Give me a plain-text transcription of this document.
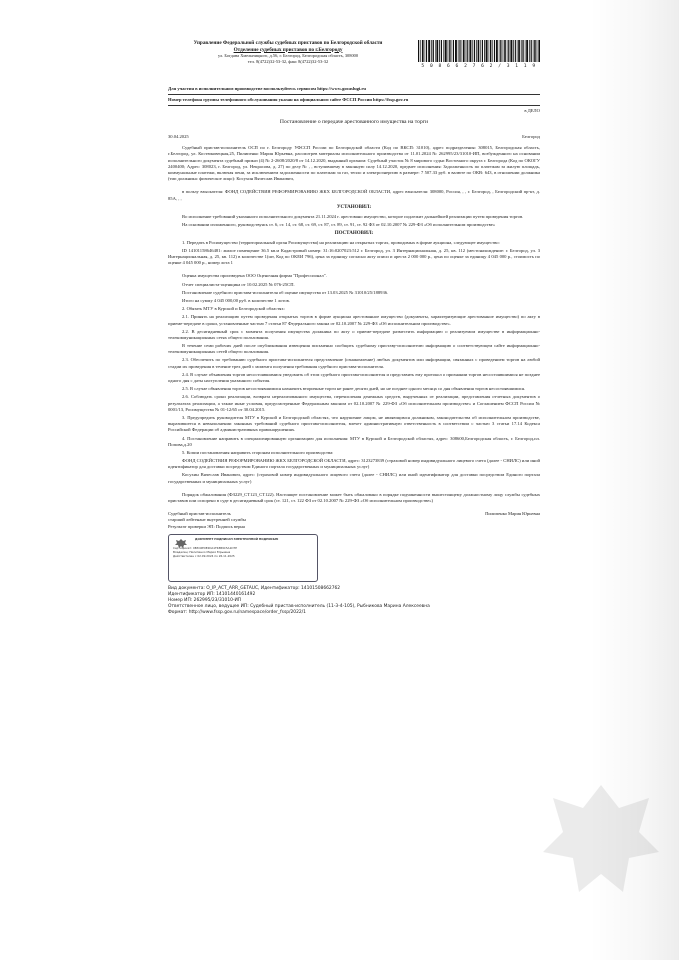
Управление Федеральной службы судебных приставов по Белгородской области
Отделение судебных приставов по г.Белгороду
ул. Богдана Хмельницкого, д.56, г. Белгород, Белгородская область, 308000
тел. 8(4722)32-53-32, факс 8(4722)32-53-32
5 0 8 6 6 2 7 6 2 / 3 1 1 9
Для участия в исполнительном производстве воспользуйтесь сервисом https://www.gosuslugi.ru
Номер телефона группы телефонного обслуживания указан на официальном сайте ФССП России https://fssp.gov.ru
в ДЕЛО
Постановление о передаче арестованного имущества на торги
30.04.2025	Белгород

Судебный пристав-исполнитель ОСП по г. Белгороду УФССП России по Белгородской области (Код по ВКСП: 31010), адрес подразделения: 308015, Белгородская область, г.Белгород, ул. Костюковецкая,25, Пилипенко Мария Юрьевна, рассмотрев материалы исполнительного производства от 11.01.2024 № 262995/23/31010-ИП, возбужденного на основании исполнительного документа судебный приказ (4) № 2-2608/2020/8 от 14.12.2020, выданный органом: Судебный участок № 8 мирового судьи Восточного округа г. Белгорода (Код по ОКОГУ 2400400; Адрес: 308023, г. Белгород, ул. Некрасова, д. 27) по делу № , , вступившему в законную силу 14.12.2020, предмет исполнения: Задолженность по платежам за жилую площадь, коммунальные платежи, включая пени, за исключением задолженности по платежам за газ, тепло и электроэнергию в размере: 7 507.33 руб. в валюте по ОКВ: 643, в отношении должника (тип должника: физическое лицо): Косухин Вячеслав Иванович,

в пользу взыскателя: ФОНД СОДЕЙСТВИЯ РЕФОРМИРОВАНИЮ ЖКХ БЕЛГОРОДСКОЙ ОБЛАСТИ, адрес взыскателя: 308000, Россия, , , г. Белгород, , Белгородский пр-кт, д. 85А, , ,

УСТАНОВИЛ:

Во исполнение требований указанного исполнительного документа 21.11.2024 г. арестовано имущество, которое подлежит дальнейшей реализации путем проведения торгов.

На основании изложенного, руководствуясь ст. 6, ст. 14, ст. 68, ст. 69, ст. 87, ст. 89, ст. 91, ст. 92 ФЗ от 02.10.2007 № 229-ФЗ «Об исполнительном производстве»

ПОСТАНОВИЛ:

1. Передать в Росимущество (территориальный орган Росимущества) на реализацию на открытых торгах, проводимых в форме аукциона, следующее имущество:

ID 14101158646481: жилое помещение 36.5 кв.м Кадастровый номер: 31:16:0207023:512 г. Белгород, ул. 3 Интернациональная, д. 25, кв. 112 (местонахождение: г. Белгород, ул. 3 Интернациональная, д. 25, кв. 112) в количестве 1(шт, Код по ОКЕИ 796), цена за единицу согласно акту описи и ареста 2 000 000 р., цена по оценке за единицу 4 045 000 р., стоимость по оценке 4 045 000 р., номер лота 1

Оценка имущества произведена ООО Оценочная фирма "Профессионал".

Отчет специалиста-оценщика от 10.02.2025 № 076-25СП.

Постановление судебного пристава-исполнителя об оценке имущества от 13.03.2025 № 31010/25/188936.

Итого на сумму 4 045 000,00 руб. в количестве 1 лотов.

2. Обязать МТУ в Курской и Белгородской областях:

2.1. Принять на реализацию путем проведения открытых торгов в форме аукциона арестованное имущество (документы, характеризующие арестованное имущество) по акту в приеме-передаче в сроки, установленные частью 7 статьи 87 Федерального закона от 02.10.2007 № 229-ФЗ «Об исполнительном производстве».

2.2. В десятидневный срок с момента получения имущества должника по акту о приеме-передаче разместить информацию о реализуемом имуществе в информационно-телекоммуникационных сетях общего пользования.

В течение семи рабочих дней после опубликования извещения письменно сообщить судебному приставу-исполнителю информацию о соответствующем сайте информационно-телекоммуникационных сетей общего пользования.

2.3. Обеспечить по требованию судебного пристава-исполнителя представление (ознакомление) любых документов или информации, связанных с проведением торгов на любой стадии их проведения в течение трех дней с момента получения требования судебного пристава-исполнителя.

2.4. В случае объявления торгов несостоявшимися уведомить об этом судебного пристава-исполнителя и представить ему протокол о признании торгов несостоявшимися не позднее одного дня с даты наступления указанного события.

2.5. В случае объявления торгов несостоявшимися назначить вторичные торги не ранее десяти дней, но не позднее одного месяца со дня объявления торгов несостоявшимися.

2.6. Соблюдать сроки реализации, возврата нереализованного имущества, перечисления денежных средств, вырученных от реализации, представления отчетных документов о результатах реализации, а также иные условия, предусмотренные Федеральным законом от 02.10.2007 № 229-ФЗ «Об исполнительном производстве» и Соглашением ФССП России № 0001/13, Росимущества № 01-12/65 от 30.04.2015.

3. Предупредить руководителя МТУ в Курской и Белгородской областях, что нарушение лицом, не являющимся должником, законодательства об исполнительном производстве, выразившееся в невыполнении законных требований судебного пристава-исполнителя, влечет административную ответственность в соответствии с частью 3 статьи 17.14 Кодекса Российской Федерации об административных правонарушениях.

4. Постановление направить в специализированную организацию для исполнения: МТУ в Курской и Белгородской областях, адрес: 308600,Белгородская область, г. Белгород,пл. Попова,д.20

5. Копии постановления направить сторонам исполнительного производства:

ФОНД СОДЕЙСТВИЯ РЕФОРМИРОВАНИЮ ЖКХ БЕЛГОРОДСКОЙ ОБЛАСТИ, адрес: 3123273839 (страховой номер индивидуального лицевого счета (далее - СНИЛС) или иной идентификатор для доставки посредством Единого портала государственных и муниципальных услуг)

Косухин Вячеслав Иванович, адрес: (страховой номер индивидуального лицевого счета (далее - СНИЛС) или иной идентификатор для доставки посредством Единого портала государственных и муниципальных услуг)

Порядок обжалования (ФЗ229_СТ123_СТ122). Настоящее постановление может быть обжаловано в порядке подчиненности вышестоящему должностному лицу службы судебных приставов или оспорено в суде в десятидневный срок (ст. 121, ст. 122 ФЗ от 02.10.2007 № 229-ФЗ «Об исполнительном производстве»)

Судебный пристав-исполнитель	Пилипенко Мария Юрьевна
старший лейтенант внутренней службы
Результат проверки ЭП: Подпись верна
ДОКУМЕНТ ПОДПИСАН ЭЛЕКТРОННОЙ ПОДПИСЬЮ
Сертификат: 0B3C6E0E2DA1F48B9C5A1D7E
Владелец: Пилипенко Мария Юрьевна
Действителен с 02.09.2024 по 26.11.2025
Вид документа: O_IP_ACT_ARR_GETAUC, Идентификатор: 14101508662762
Идентификатор ИП: 14101440161492
Номер ИП: 262995/23/31010-ИП
Ответственное лицо, ведущее ИП: Судебный пристав-исполнитель (11-3-4-105), Рыбникова Марина Алексеевна
Формат: http://www.fssp.gov.ru/namespace/order_fssp/2022/1
